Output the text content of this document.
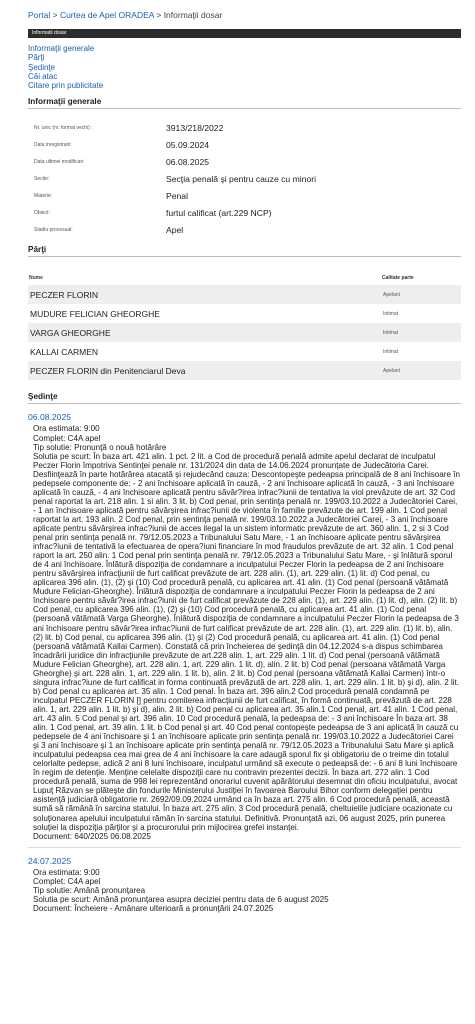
Portal > Curtea de Apel ORADEA > Informaţii dosar
Informatii dosar
Informaţii generale
Părţi
Şedinţe
Căi atac
Citare prin publicitate
Informaţii generale
Nr. unic (nr. format vechi) :	3913/218/2022
Data inregistrarii:	05.09.2024
Data ultimei modificari:	06.08.2025
Sectie:	Secţia penală şi pentru cauze cu minori
Materie:	Penal
Obiect:	furtul calificat (art.229 NCP)
Stadiu procesual:	Apel
Părţi
Nume	Calitate parte
PECZER FLORIN	Apelant
MUDURE FELICIAN GHEORGHE	Intimat
VARGA GHEORGHE	Intimat
KALLAI CARMEN	Intimat
PECZER FLORIN din Penitenciarul Deva	Apelant
Şedinţe
06.08.2025

Ora estimata: 9:00

Complet: C4A apel

Tip solutie: Pronunţă o nouă hotărâre

Solutia pe scurt: În baza art. 421 alin. 1 pct. 2 lit. a Cod de procedură penală admite apelul declarat de inculpatul Peczer Florin împotriva Sentinţei penale nr. 131/2024 din data de 14.06.2024 pronunţate de Judecătoria Carei. Desfiinţează în parte hotărârea atacată şi rejudecând cauza: Descontopeşte pedeapsa principală de 8 ani închisoare în pedepsele componente de: - 2 ani închisoare aplicată în cauză, - 2 ani închisoare aplicată în cauză, - 3 ani închisoare aplicată în cauză, - 4 ani închisoare aplicată pentru săvâr?irea infrac?iunii de tentativa la viol prevăzute de art. 32 Cod penal raportat la art. 218 alin. 1 si alin. 3 lit. b) Cod penal, prin sentinţa penală nr. 199/03.10.2022 a Judecătoriei Carei, - 1 an închisoare aplicată pentru săvârşirea infrac?iunii de violenta în familie prevăzute de art. 199 alin. 1 Cod penal raportat la art. 193 alin. 2 Cod penal, prin sentinţa penală nr. 199/03.10.2022 a Judecătoriei Carei, - 3 ani închisoare aplicate pentru săvârşirea infrac?iunii de acces ilegal la un sistem informatic prevăzute de art. 360 alin. 1, 2 si 3 Cod penal prin sentinţa penală nr. 79/12.05.2023 a Tribunalului Satu Mare, - 1 an închisoare aplicate pentru săvârşirea infrac?iunii de tentativă la efectuarea de opera?iuni financiare în mod fraudulos prevăzute de art. 32 alin. 1 Cod penal raport la art. 250 alin. 1 Cod penal prin sentinţa penală nr. 79/12.05.2023 a Tribunalului Satu Mare, - şi înlătură sporul de 4 ani închisoare. Înlătură dispoziţia de condamnare a inculpatului Peczer Florin la pedeapsa de 2 ani închisoare pentru săvârşirea infracţiunii de furt calificat prevăzute de art. 228 alin. (1), art. 229 alin. (1) lit. d) Cod penal, cu aplicarea 396 alin. (1), (2) şi (10) Cod procedură penală, cu aplicarea art. 41 alin. (1) Cod penal (persoană vătămată Mudure Felician-Gheorghe). Înlătură dispoziţia de condamnare a inculpatului Peczer Florin la pedeapsa de 2 ani închisoare pentru săvâr?irea infrac?iunii de furt calificat prevăzute de 228 alin. (1), art. 229 alin. (1) lit. d), alin. (2) lit. b) Cod penal, cu aplicarea 396 alin. (1), (2) şi (10) Cod procedură penală, cu aplicarea art. 41 alin. (1) Cod penal (persoană vătămată Varga Gheorghe). Înlătură dispoziţia de condamnare a inculpatului Peczer Florin la pedeapsa de 3 ani închisoare pentru săvâr?irea infrac?iunii de furt calificat prevăzute de art. 228 alin. (1), art. 229 alin. (1) lit. b), alin. (2) lit. b) Cod penal, cu aplicarea 396 alin. (1) şi (2) Cod procedură penală, cu aplicarea art. 41 alin. (1) Cod penal (persoană vătămată Kallai Carmen). Constată că prin încheierea de şedinţă din 04.12.2024 s-a dispus schimbarea încadrării juridice din infracţiunile prevăzute de art.228 alin. 1, art. 229 alin. 1 lit. d) Cod penal (persoană vătămată Mudure Felician Gheorghe), art. 228 alin. 1, art. 229 alin. 1 lit. d), alin. 2 lit. b) Cod penal (persoana vătămată Varga Gheorghe) şi art. 228 alin. 1, art. 229 alin. 1 lit. b), alin. 2 lit. b) Cod penal (persoana vătămată Kallai Carmen) într-o singura infrac?iune de furt calificat in forma continuată prevăzută de art. 228 alin. 1, art. 229 alin. 1 lit. b) şi d), alin. 2 lit. b) Cod penal cu aplicarea art. 35 alin. 1 Cod penal. În baza art. 396 alin.2 Cod procedură penală condamnă pe inculpatul PECZER FLORIN [] pentru comiterea infracţiunii de furt calificat, în formă continuată, prevăzută de art. 228 alin. 1, art. 229 alin. 1 lit. b) şi d), alin. 2 lit. b) Cod penal cu aplicarea art. 35 alin.1 Cod penal, art. 41 alin. 1 Cod penal, art. 43 alin. 5 Cod penal şi art. 396 alin. 10 Cod procedură penală, la pedeapsa de: - 3 ani închisoare În baza art. 38 alin. 1 Cod penal, art. 39 alin. 1 lit. b Cod penal şi art. 40 Cod penal contopeşte pedeapsa de 3 ani aplicată în cauză cu pedepsele de 4 ani închisoare şi 1 an închisoare aplicate prin sentinţa penală nr. 199/03.10.2022 a Judecătoriei Carei şi 3 ani închisoare şi 1 an închisoare aplicate prin sentinţa penală nr. 79/12.05.2023 a Tribunalului Satu Mare şi aplică inculpatului pedeapsa cea mai grea de 4 ani închisoare la care adaugă sporul fix şi obligatoriu de o treime din totalul celorlalte pedepse, adică 2 ani 8 luni închisoare, inculpatul urmând să execute o pedeapsă de: - 6 ani 8 luni închisoare în regim de detenţie. Menţine celelalte dispoziţii care nu contravin prezentei decizii. În baza art. 272 alin. 1 Cod procedură penală, suma de 998 lei reprezentând onorariul cuvenit apărătorului desemnat din oficiu inculpatului, avocat Lupuţ Răzvan se plăteşte din fondurile Ministerului Justiţiei în favoarea Baroului Bihor conform delegaţiei pentru asistenţă judiciară obligatorie nr. 2692/09.09.2024 urmând ca în baza art. 275 alin. 6 Cod procedură penală, această sumă să rămână în sarcina statului. În baza art. 275 alin. 3 Cod procedură penală, cheltuielile judiciare ocazionate cu soluţionarea apelului inculpatului rămân în sarcina statului. Definitivă. Pronunţată azi, 06 august 2025, prin punerea soluţiei la dispoziţia părţilor şi a procurorului prin mijlocirea grefei instanţei.

Document: 640/2025 06.08.2025

24.07.2025

Ora estimata: 9:00

Complet: C4A apel

Tip solutie: Amână pronunţarea

Solutia pe scurt: Amână pronunţarea asupra deciziei pentru data de 6 august 2025

Document: Încheiere - Amânare ulterioară a pronunţării 24.07.2025
